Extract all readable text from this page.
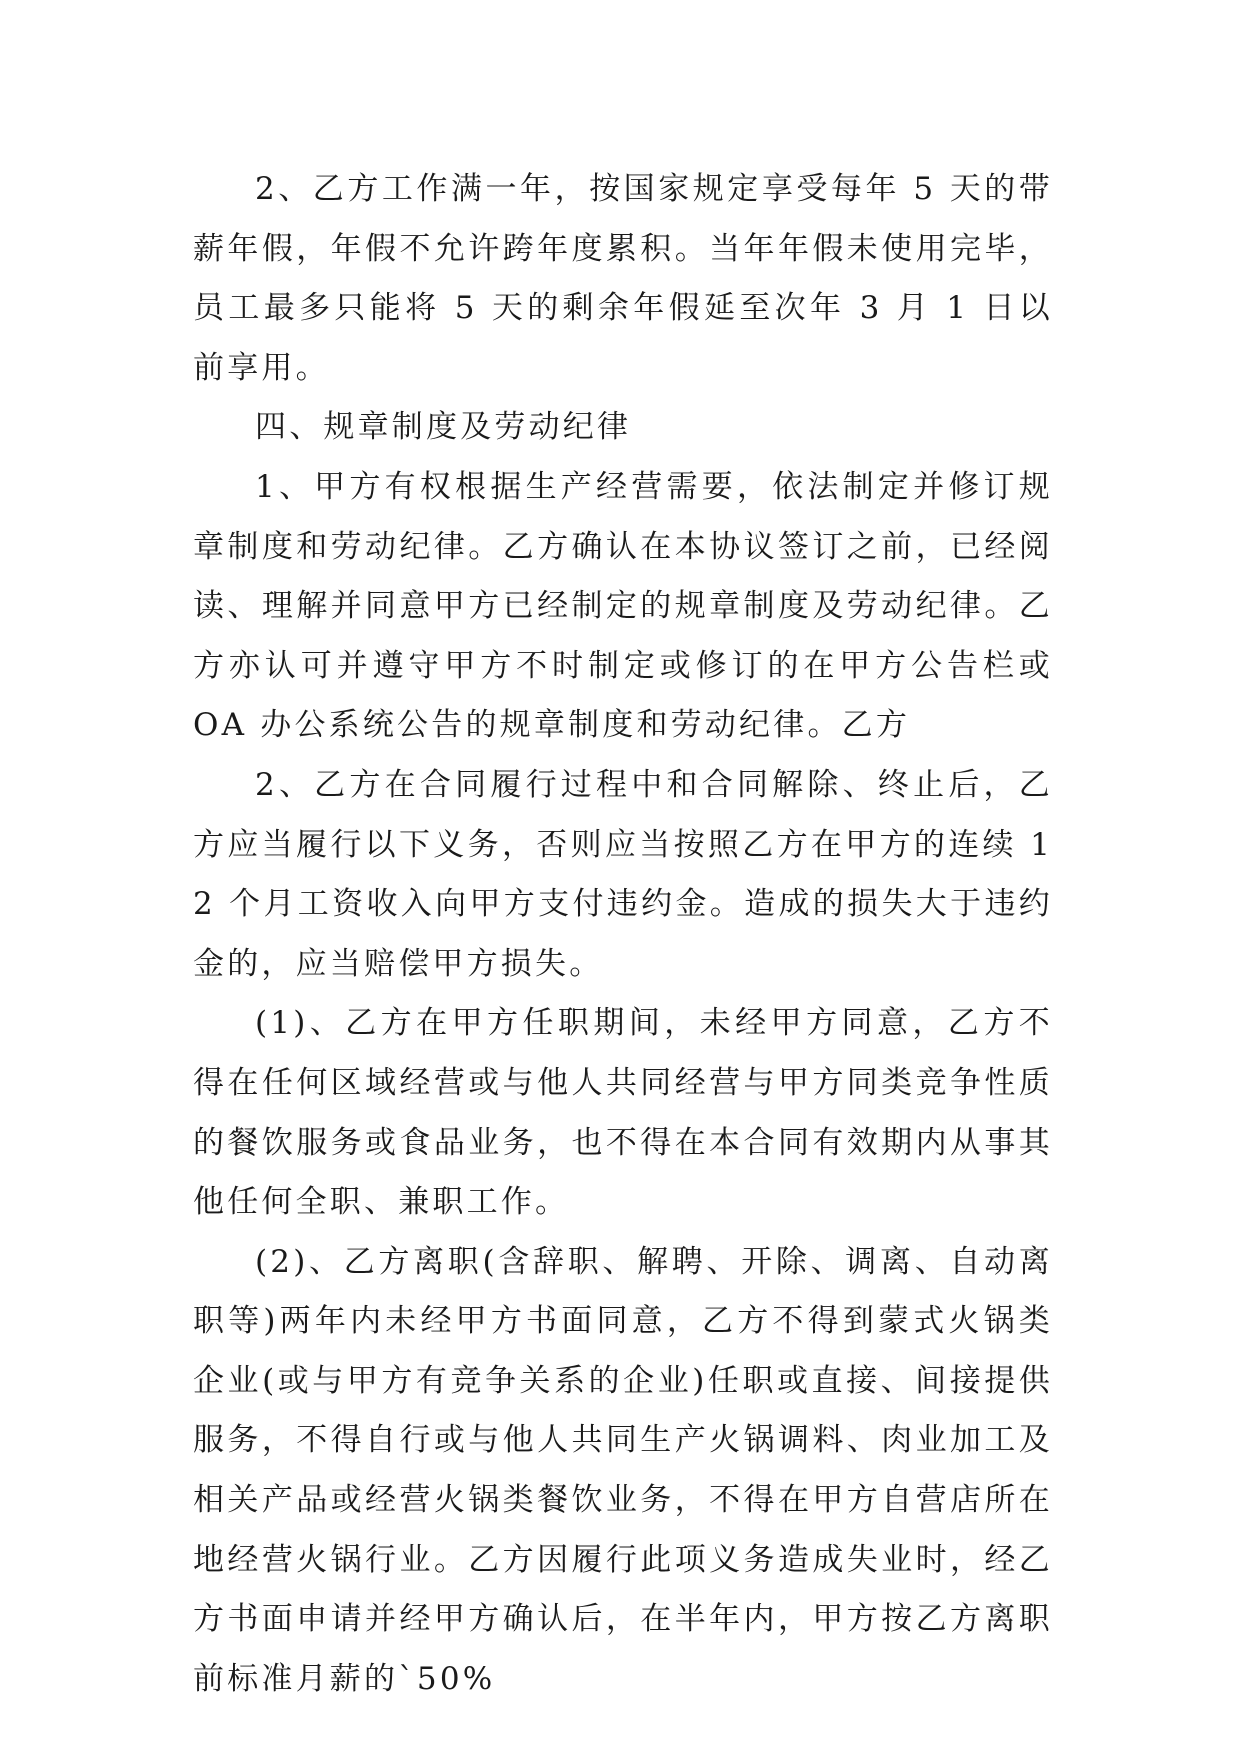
2、乙方工作满一年，按国家规定享受每年 5 天的带薪年假，年假不允许跨年度累积。当年年假未使用完毕，员工最多只能将 5 天的剩余年假延至次年 3 月 1 日以前享用。

四、规章制度及劳动纪律

1、甲方有权根据生产经营需要，依法制定并修订规章制度和劳动纪律。乙方确认在本协议签订之前，已经阅读、理解并同意甲方已经制定的规章制度及劳动纪律。乙方亦认可并遵守甲方不时制定或修订的在甲方公告栏或 OA 办公系统公告的规章制度和劳动纪律。乙方

2、乙方在合同履行过程中和合同解除、终止后，乙方应当履行以下义务，否则应当按照乙方在甲方的连续 12 个月工资收入向甲方支付违约金。造成的损失大于违约金的，应当赔偿甲方损失。

(1)、乙方在甲方任职期间，未经甲方同意，乙方不得在任何区域经营或与他人共同经营与甲方同类竞争性质的餐饮服务或食品业务，也不得在本合同有效期内从事其他任何全职、兼职工作。

(2)、乙方离职(含辞职、解聘、开除、调离、自动离职等)两年内未经甲方书面同意，乙方不得到蒙式火锅类企业(或与甲方有竞争关系的企业)任职或直接、间接提供服务，不得自行或与他人共同生产火锅调料、肉业加工及相关产品或经营火锅类餐饮业务，不得在甲方自营店所在地经营火锅行业。乙方因履行此项义务造成失业时，经乙方书面申请并经甲方确认后，在半年内，甲方按乙方离职前标准月薪的`50%
